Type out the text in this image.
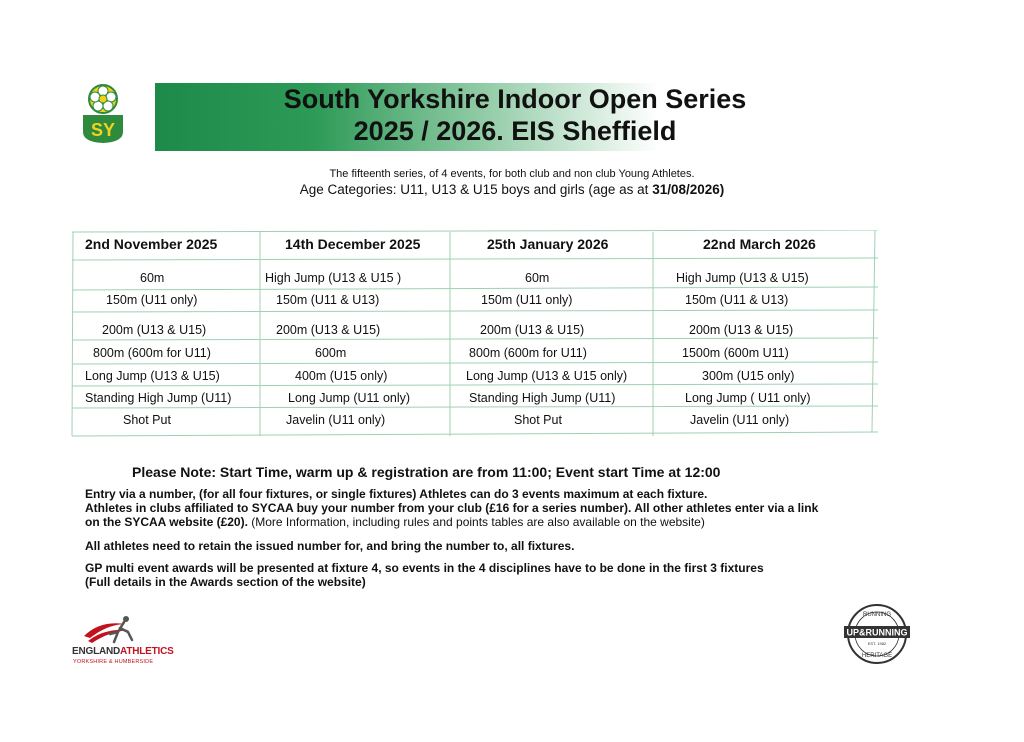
SY
South Yorkshire Indoor Open Series
2025 / 2026. EIS Sheffield
The fifteenth series, of 4 events, for both club and non club Young Athletes.
Age Categories: U11, U13 & U15 boys and girls (age as at 31/08/2026)
2nd November 2025	14th December 2025	25th January 2026	22nd March 2026
60m	High Jump (U13 & U15 )	60m	High Jump (U13 & U15)
150m (U11 only)	150m (U11 & U13)	150m (U11 only)	150m (U11 & U13)
200m (U13 & U15)	200m (U13 & U15)	200m (U13 & U15)	200m (U13 & U15)
800m (600m for U11)	600m	800m (600m for U11)	1500m (600m U11)
Long Jump (U13 & U15)	400m (U15 only)	Long Jump (U13 & U15 only)	300m (U15 only)
Standing High Jump (U11)	Long Jump (U11 only)	Standing High Jump (U11)	Long Jump ( U11 only)
Shot Put	Javelin (U11 only)	Shot Put	Javelin (U11 only)
Please Note: Start Time, warm up & registration are from 11:00; Event start Time at 12:00
Entry via a number, (for all four fixtures, or single fixtures) Athletes can do 3 events maximum at each fixture.
Athletes in clubs affiliated to SYCAA buy your number from your club (£16 for a series number). All other athletes enter via a link
on the SYCAA website (£20). (More Information, including rules and points tables are also available on the website)
All athletes need to retain the issued number for, and bring the number to, all fixtures.
GP multi event awards will be presented at fixture 4, so events in the 4 disciplines have to be done in the first 3 fixtures
(Full details in the Awards section of the website)
ENGLANDATHLETICS
YORKSHIRE & HUMBERSIDE
RUNNING
UP&RUNNING
EST. 1982
HERITAGE
